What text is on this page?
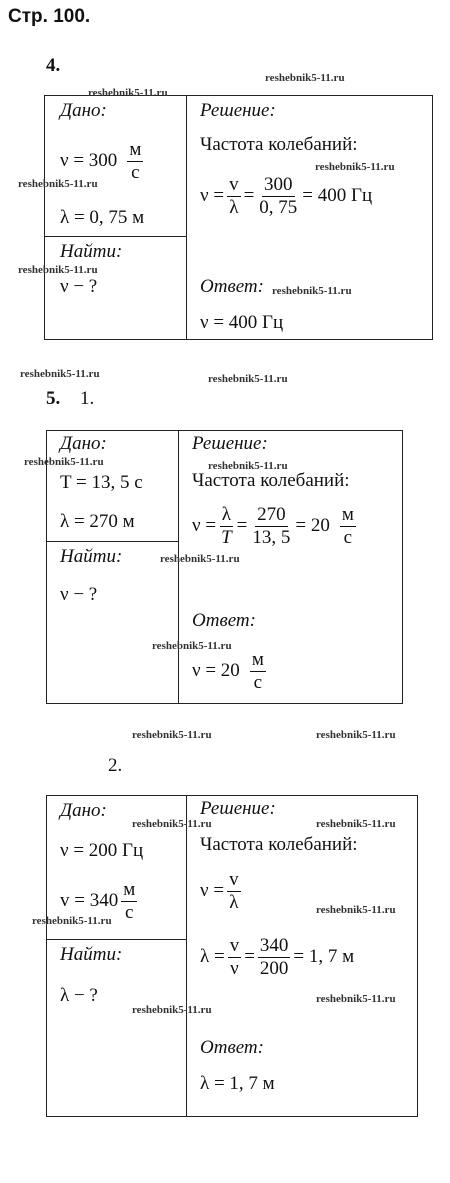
Стр. 100.
4.
Дано:
$\nu = 300 \frac{м}{с}$
λ = 0, 75 м
Найти:
ν − ?
Решение:
Частота колебаний:
$\nu = \frac{v}{\lambda} = \frac{300}{0, 75} = 400$ Гц
Ответ:
ν = 400 Гц
5. 1.
Дано:
T = 13, 5 с
λ = 270 м
Найти:
ν − ?
Решение:
Частота колебаний:
$\nu = \frac{\lambda}{T} = \frac{270}{13, 5} = 20 \frac{м}{с}$
Ответ:
$\nu = 20 \frac{м}{с}$
2.
Дано:
ν = 200 Гц
$v = 340 \frac{м}{с}$
Найти:
λ − ?
Решение:
Частота колебаний:
$\nu = \frac{v}{\lambda}$
$\lambda = \frac{v}{\nu} = \frac{340}{200} = 1$, 7 м
Ответ:
λ = 1, 7 м
reshebnik5-11.ru
reshebnik5-11.ru
reshebnik5-11.ru
reshebnik5-11.ru
reshebnik5-11.ru
reshebnik5-11.ru
reshebnik5-11.ru	reshebnik5-11.ru
reshebnik5-11.ru	reshebnik5-11.ru
reshebnik5-11.ru
reshebnik5-11.ru
reshebnik5-11.ru	reshebnik5-11.ru
reshebnik5-11.ru	reshebnik5-11.ru
reshebnik5-11.ru
reshebnik5-11.ru
reshebnik5-11.ru
reshebnik5-11.ru
